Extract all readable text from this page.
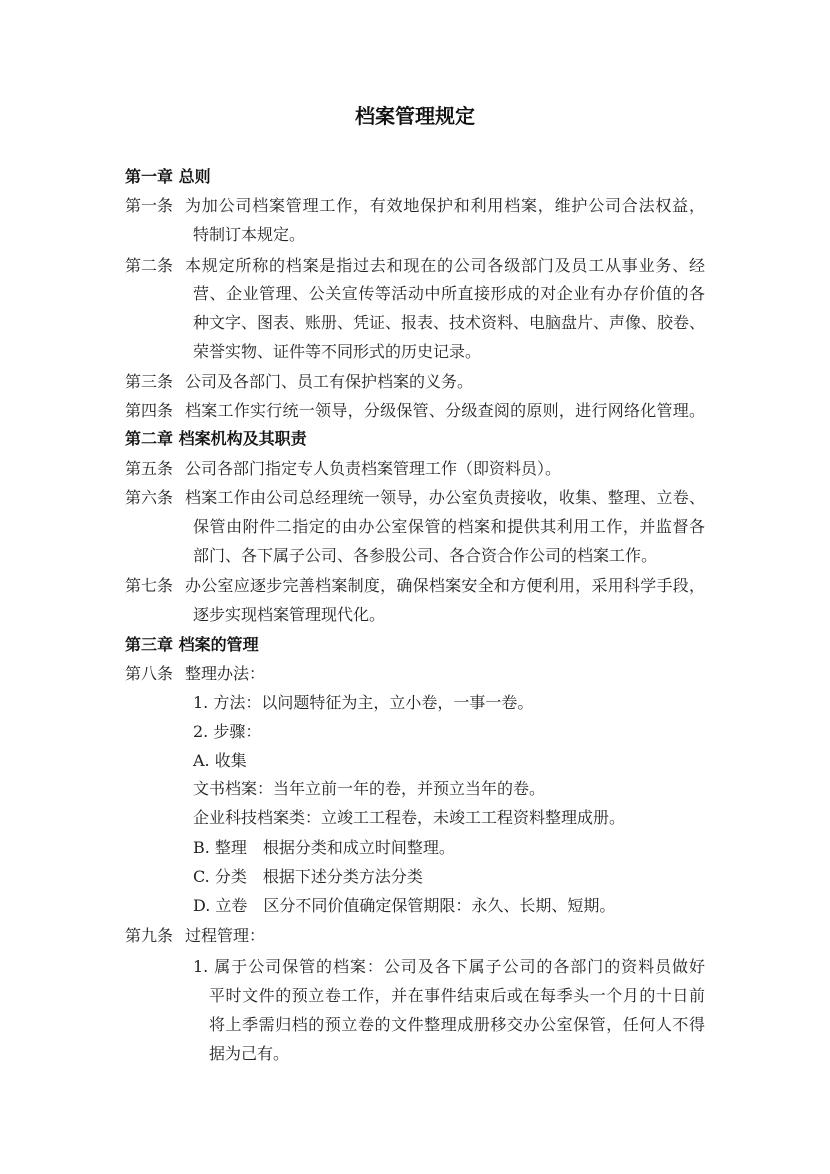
档案管理规定
第一章 总则
第一条 为加公司档案管理工作，有效地保护和利用档案，维护公司合法权益，
特制订本规定。
第二条 本规定所称的档案是指过去和现在的公司各级部门及员工从事业务、经
营、企业管理、公关宣传等活动中所直接形成的对企业有办存价值的各
种文字、图表、账册、凭证、报表、技术资料、电脑盘片、声像、胶卷、
荣誉实物、证件等不同形式的历史记录。
第三条 公司及各部门、员工有保护档案的义务。
第四条 档案工作实行统一领导，分级保管、分级查阅的原则，进行网络化管理。
第二章 档案机构及其职责
第五条 公司各部门指定专人负责档案管理工作（即资料员）。
第六条 档案工作由公司总经理统一领导，办公室负责接收，收集、整理、立卷、
保管由附件二指定的由办公室保管的档案和提供其利用工作，并监督各
部门、各下属子公司、各参股公司、各合资合作公司的档案工作。
第七条 办公室应逐步完善档案制度，确保档案安全和方便利用，采用科学手段，
逐步实现档案管理现代化。
第三章 档案的管理
第八条 整理办法：
1. 方法：以问题特征为主，立小卷，一事一卷。
2. 步骤：
A. 收集
文书档案：当年立前一年的卷，并预立当年的卷。
企业科技档案类：立竣工工程卷，未竣工工程资料整理成册。
B. 整理　根据分类和成立时间整理。
C. 分类　根据下述分类方法分类
D. 立卷　区分不同价值确定保管期限：永久、长期、短期。
第九条 过程管理：
1. 属于公司保管的档案：公司及各下属子公司的各部门的资料员做好
平时文件的预立卷工作，并在事件结束后或在每季头一个月的十日前
将上季需归档的预立卷的文件整理成册移交办公室保管，任何人不得
据为己有。
